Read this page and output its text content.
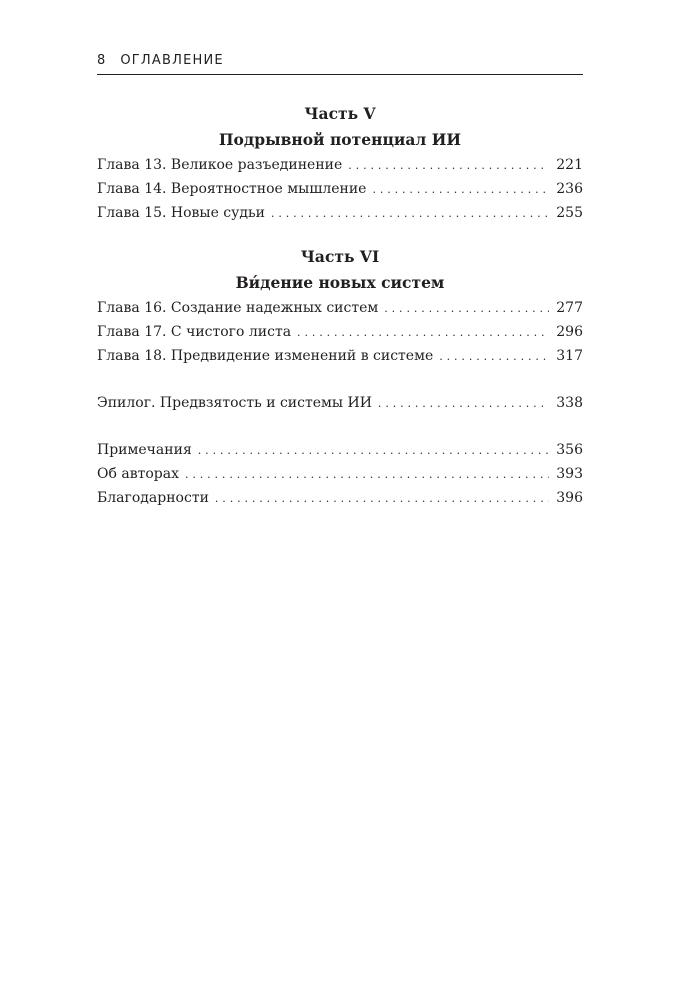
8 ОГЛАВЛЕНИЕ
Часть V
Подрывной потенциал ИИ
Глава 13. Великое разъединение . . .	221
Глава 14. Вероятностное мышление . . .	236
Глава 15. Новые судьи . . .	255
Часть VI
Ви́дение новых систем
Глава 16. Создание надежных систем . . .	277
Глава 17. С чистого листа . . .	296
Глава 18. Предвидение изменений в системе . . .	317
Эпилог. Предвзятость и системы ИИ . . .	338
Примечания . . .	356
Об авторах . . .	393
Благодарности . . .	396
